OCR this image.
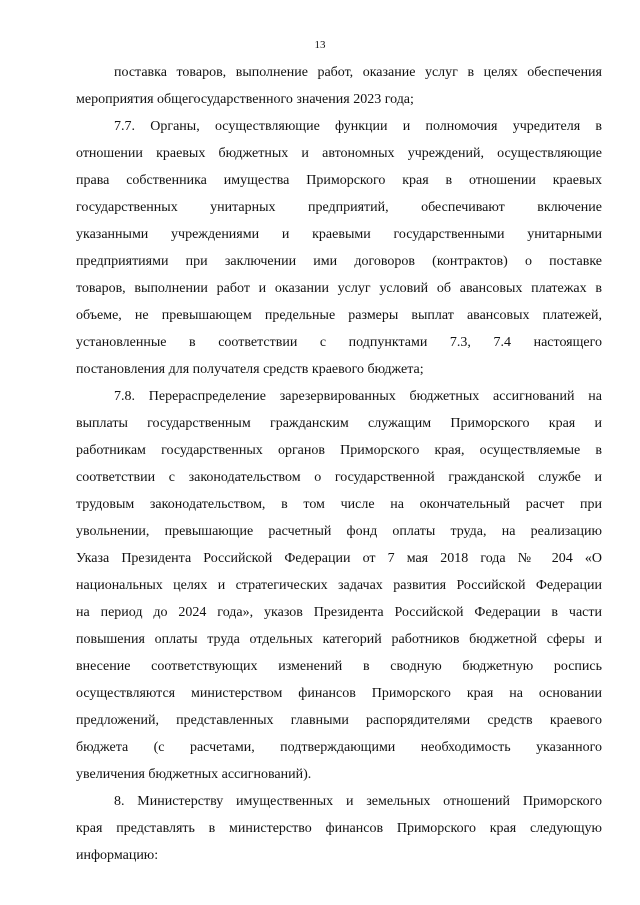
13
поставка товаров, выполнение работ, оказание услуг в целях обеспечения
мероприятия общегосударственного значения 2023 года;
7.7. Органы, осуществляющие функции и полномочия учредителя в
отношении краевых бюджетных и автономных учреждений, осуществляющие
права собственника имущества Приморского края в отношении краевых
государственных унитарных предприятий, обеспечивают включение
указанными учреждениями и краевыми государственными унитарными
предприятиями при заключении ими договоров (контрактов) о поставке
товаров, выполнении работ и оказании услуг условий об авансовых платежах в
объеме, не превышающем предельные размеры выплат авансовых платежей,
установленные в соответствии с подпунктами 7.3, 7.4 настоящего
постановления для получателя средств краевого бюджета;
7.8. Перераспределение зарезервированных бюджетных ассигнований на
выплаты государственным гражданским служащим Приморского края и
работникам государственных органов Приморского края, осуществляемые в
соответствии с законодательством о государственной гражданской службе и
трудовым законодательством, в том числе на окончательный расчет при
увольнении, превышающие расчетный фонд оплаты труда, на реализацию
Указа Президента Российской Федерации от 7 мая 2018 года № 204 «О
национальных целях и стратегических задачах развития Российской Федерации
на период до 2024 года», указов Президента Российской Федерации в части
повышения оплаты труда отдельных категорий работников бюджетной сферы и
внесение соответствующих изменений в сводную бюджетную роспись
осуществляются министерством финансов Приморского края на основании
предложений, представленных главными распорядителями средств краевого
бюджета (с расчетами, подтверждающими необходимость указанного
увеличения бюджетных ассигнований).
8. Министерству имущественных и земельных отношений Приморского
края представлять в министерство финансов Приморского края следующую
информацию:
